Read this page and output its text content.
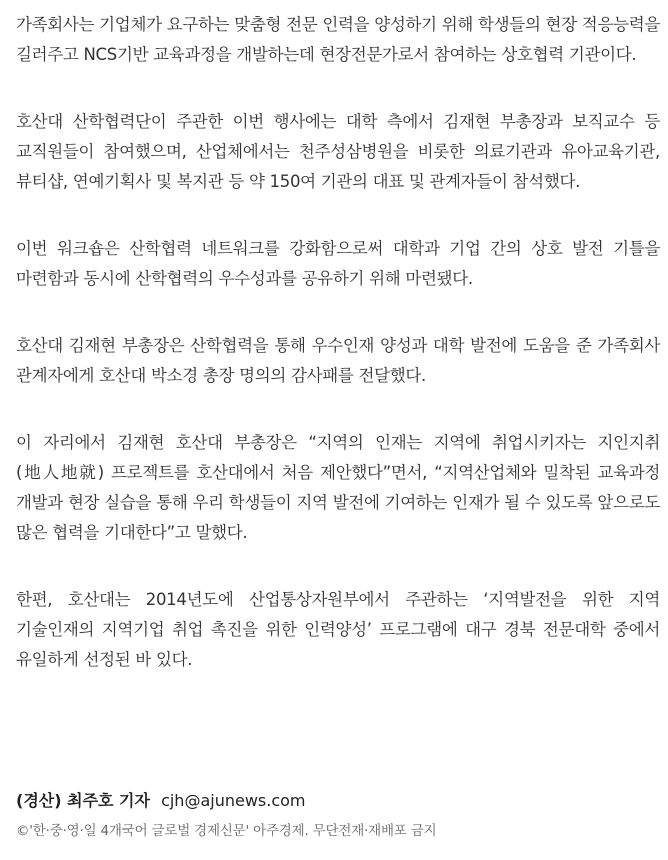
가족회사는 기업체가 요구하는 맞춤형 전문 인력을 양성하기 위해 학생들의 현장 적응능력을 길러주고 NCS기반 교육과정을 개발하는데 현장전문가로서 참여하는 상호협력 기관이다.

호산대 산학협력단이 주관한 이번 행사에는 대학 측에서 김재현 부총장과 보직교수 등 교직원들이 참여했으며, 산업체에서는 천주성삼병원을 비롯한 의료기관과 유아교육기관, 뷰티샵, 연예기획사 및 복지관 등 약 150여 기관의 대표 및 관계자들이 참석했다.

이번 워크숍은 산학협력 네트워크를 강화함으로써 대학과 기업 간의 상호 발전 기틀을 마련함과 동시에 산학협력의 우수성과를 공유하기 위해 마련됐다.

호산대 김재현 부총장은 산학협력을 통해 우수인재 양성과 대학 발전에 도움을 준 가족회사 관계자에게 호산대 박소경 총장 명의의 감사패를 전달했다.

이 자리에서 김재현 호산대 부총장은 “지역의 인재는 지역에 취업시키자는 지인지취(地人地就) 프로젝트를 호산대에서 처음 제안했다”면서, “지역산업체와 밀착된 교육과정 개발과 현장 실습을 통해 우리 학생들이 지역 발전에 기여하는 인재가 될 수 있도록 앞으로도 많은 협력을 기대한다”고 말했다.

한편, 호산대는 2014년도에 산업통상자원부에서 주관하는 ‘지역발전을 위한 지역 기술인재의 지역기업 취업 촉진을 위한 인력양성’ 프로그램에 대구 경북 전문대학 중에서 유일하게 선정된 바 있다.

(경산) 최주호 기자 cjh@ajunews.com
©'한·중·영·일 4개국어 글로벌 경제신문' 아주경제. 무단전재·재배포 금지
